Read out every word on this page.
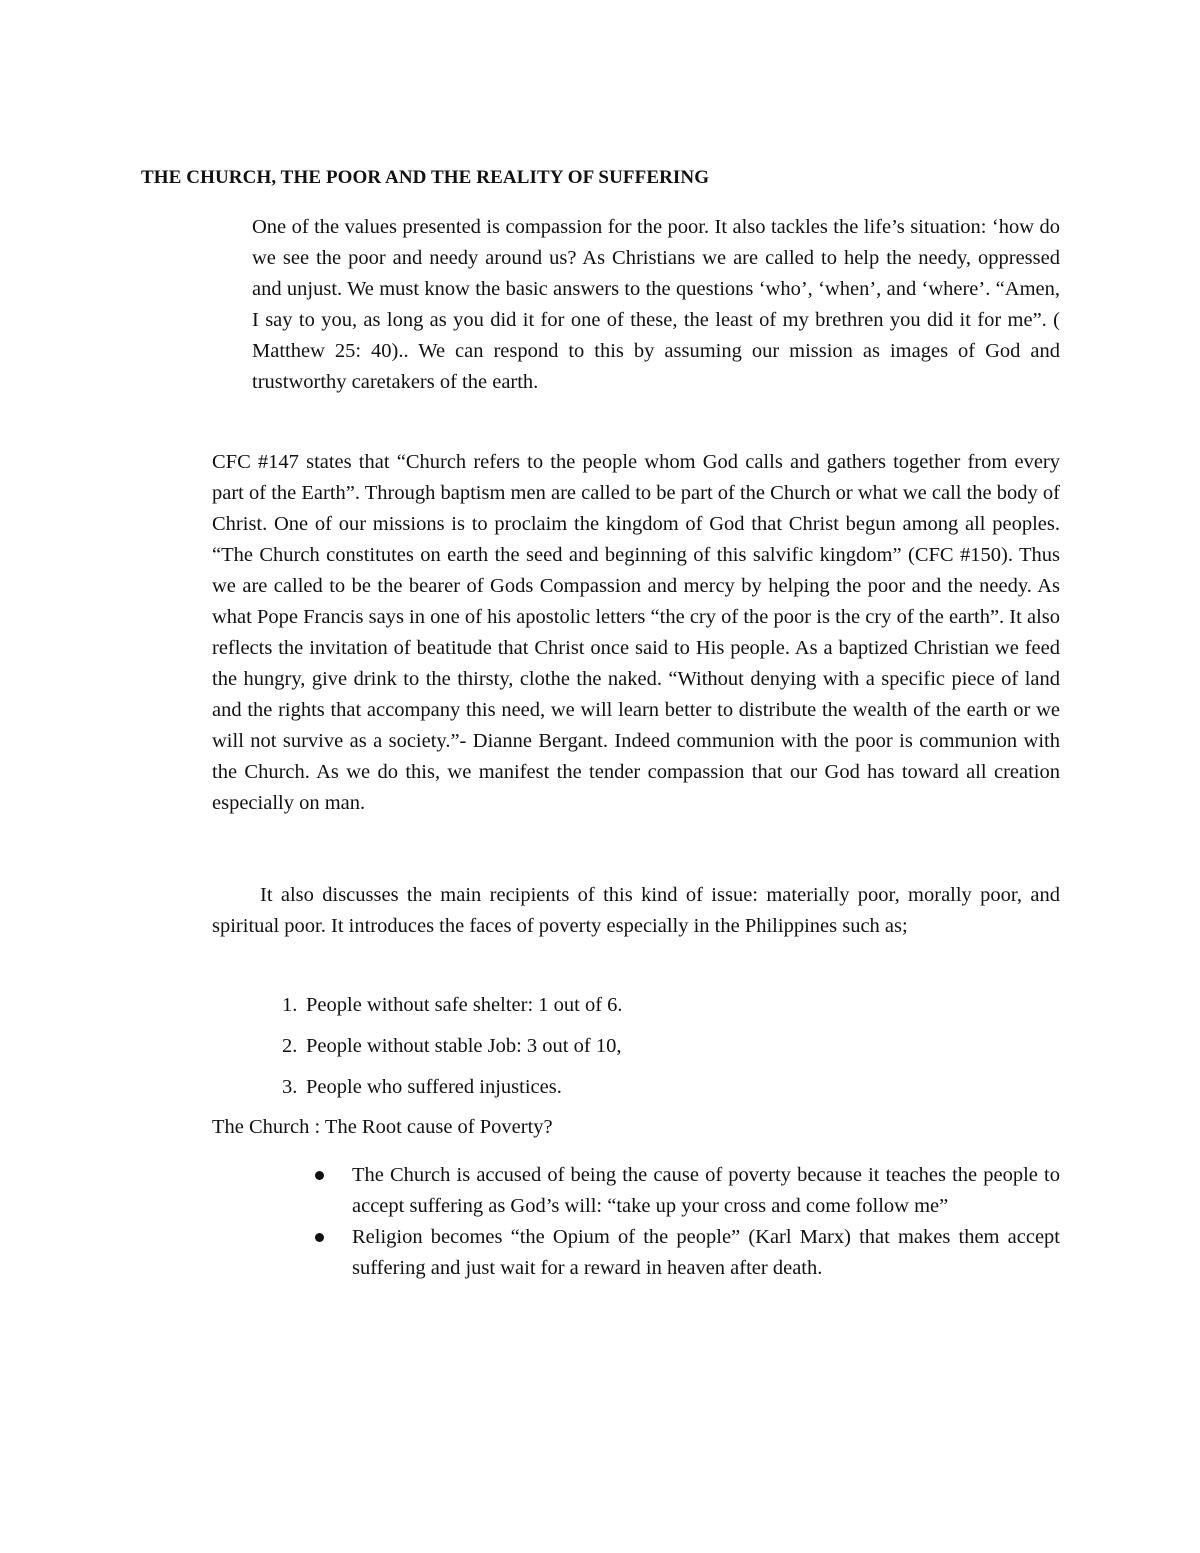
THE CHURCH, THE POOR AND THE REALITY OF SUFFERING

One of the values presented is compassion for the poor. It also tackles the life’s situation: ‘how do we see the poor and needy around us? As Christians we are called to help the needy, oppressed and unjust. We must know the basic answers to the questions ‘who’, ‘when’, and ‘where’. “Amen, I say to you, as long as you did it for one of these, the least of my brethren you did it for me”. ( Matthew 25: 40).. We can respond to this by assuming our mission as images of God and trustworthy caretakers of the earth.

CFC #147 states that “Church refers to the people whom God calls and gathers together from every part of the Earth”. Through baptism men are called to be part of the Church or what we call the body of Christ. One of our missions is to proclaim the kingdom of God that Christ begun among all peoples. “The Church constitutes on earth the seed and beginning of this salvific kingdom” (CFC #150). Thus we are called to be the bearer of Gods Compassion and mercy by helping the poor and the needy. As what Pope Francis says in one of his apostolic letters “the cry of the poor is the cry of the earth”. It also reflects the invitation of beatitude that Christ once said to His people. As a baptized Christian we feed the hungry, give drink to the thirsty, clothe the naked. “Without denying with a specific piece of land and the rights that accompany this need, we will learn better to distribute the wealth of the earth or we will not survive as a society.”- Dianne Bergant. Indeed communion with the poor is communion with the Church. As we do this, we manifest the tender compassion that our God has toward all creation especially on man.

It also discusses the main recipients of this kind of issue: materially poor, morally poor, and spiritual poor. It introduces the faces of poverty especially in the Philippines such as;

1. People without safe shelter: 1 out of 6.
2. People without stable Job: 3 out of 10,
3. People who suffered injustices.
The Church : The Root cause of Poverty?
The Church is accused of being the cause of poverty because it teaches the people to accept suffering as God’s will: “take up your cross and come follow me”
Religion becomes “the Opium of the people” (Karl Marx) that makes them accept suffering and just wait for a reward in heaven after death.
